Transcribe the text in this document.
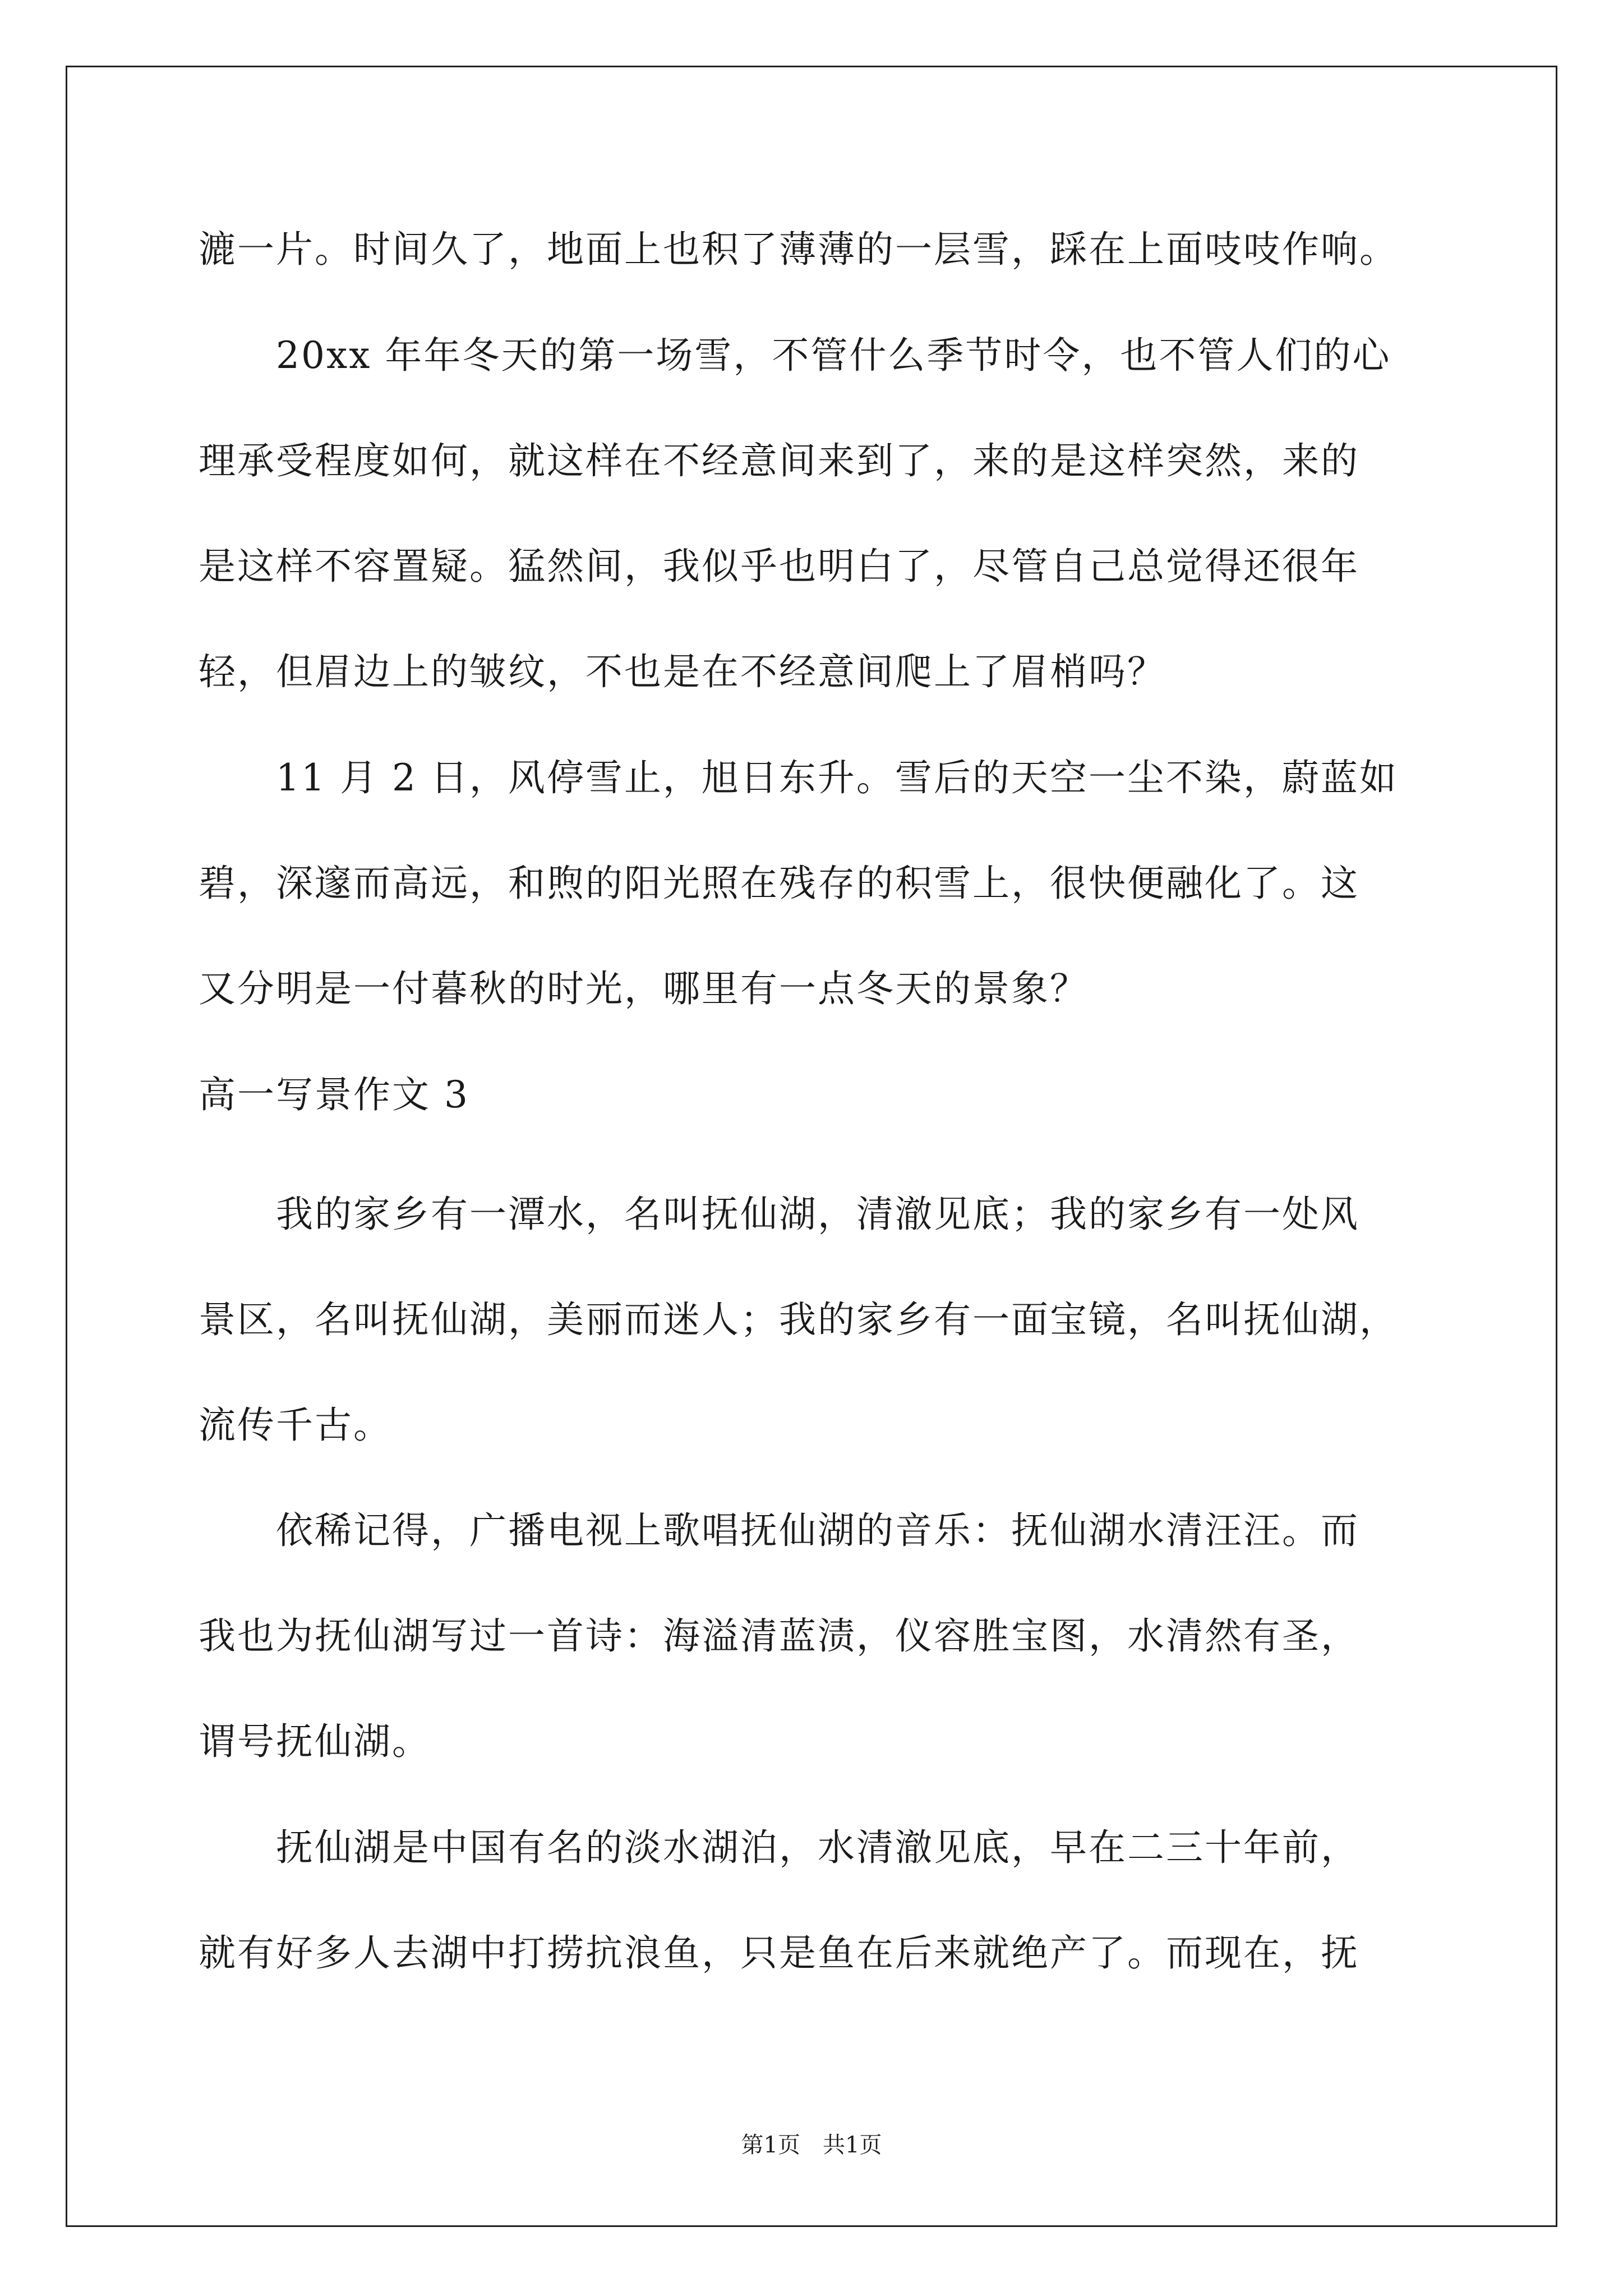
漉一片。时间久了，地面上也积了薄薄的一层雪，踩在上面吱吱作响。
　　20xx 年年冬天的第一场雪，不管什么季节时令，也不管人们的心
理承受程度如何，就这样在不经意间来到了，来的是这样突然，来的
是这样不容置疑。猛然间，我似乎也明白了，尽管自己总觉得还很年
轻，但眉边上的皱纹，不也是在不经意间爬上了眉梢吗？
　　11 月 2 日，风停雪止，旭日东升。雪后的天空一尘不染，蔚蓝如
碧，深邃而高远，和煦的阳光照在残存的积雪上，很快便融化了。这
又分明是一付暮秋的时光，哪里有一点冬天的景象？
高一写景作文 3
　　我的家乡有一潭水，名叫抚仙湖，清澈见底；我的家乡有一处风
景区，名叫抚仙湖，美丽而迷人；我的家乡有一面宝镜，名叫抚仙湖，
流传千古。
　　依稀记得，广播电视上歌唱抚仙湖的音乐：抚仙湖水清汪汪。而
我也为抚仙湖写过一首诗：海溢清蓝渍，仪容胜宝图，水清然有圣，
谓号抚仙湖。
　　抚仙湖是中国有名的淡水湖泊，水清澈见底，早在二三十年前，
就有好多人去湖中打捞抗浪鱼，只是鱼在后来就绝产了。而现在，抚
第1页　共1页
